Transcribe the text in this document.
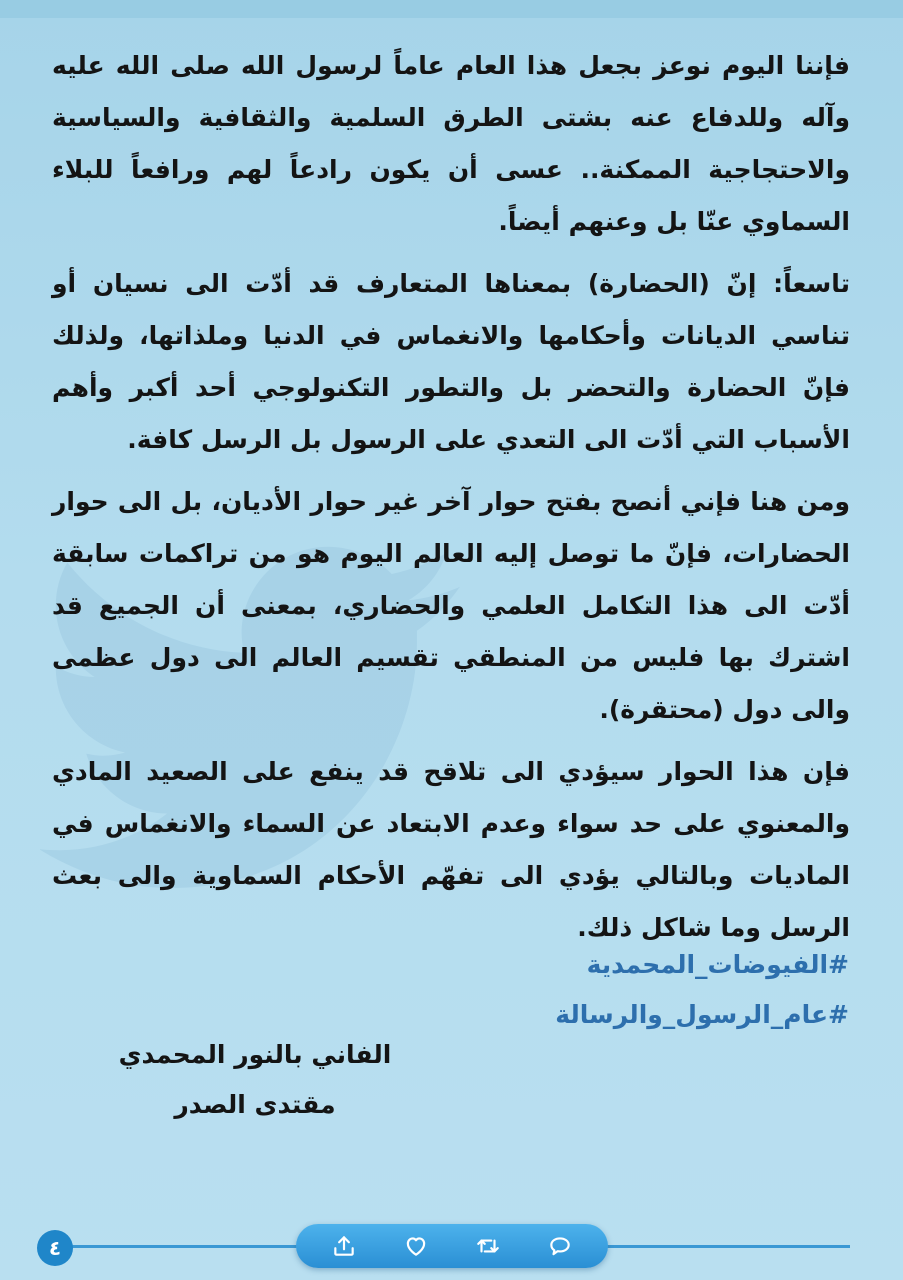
فإننا اليوم نوعز بجعل هذا العام عاماً لرسول الله صلى الله عليه وآله وللدفاع عنه بشتى الطرق السلمية والثقافية والسياسية والاحتجاجية الممكنة.. عسى أن يكون رادعاً لهم ورافعاً للبلاء السماوي عنّا بل وعنهم أيضاً.

تاسعاً: إنّ (الحضارة) بمعناها المتعارف قد أدّت الى نسيان أو تناسي الديانات وأحكامها والانغماس في الدنيا وملذاتها، ولذلك فإنّ الحضارة والتحضر بل والتطور التكنولوجي أحد أكبر وأهم الأسباب التي أدّت الى التعدي على الرسول بل الرسل كافة.

ومن هنا فإني أنصح بفتح حوار آخر غير حوار الأديان، بل الى حوار الحضارات، فإنّ ما توصل إليه العالم اليوم هو من تراكمات سابقة أدّت الى هذا التكامل العلمي والحضاري، بمعنى أن الجميع قد اشترك بها فليس من المنطقي تقسيم العالم الى دول عظمى والى دول (محتقرة).

فإن هذا الحوار سيؤدي الى تلاقح قد ينفع على الصعيد المادي والمعنوي على حد سواء وعدم الابتعاد عن السماء والانغماس في الماديات وبالتالي يؤدي الى تفهّم الأحكام السماوية والى بعث الرسل وما شاكل ذلك.

#الفيوضات_المحمدية
#عام_الرسول_والرسالة
الفاني بالنور المحمدي
مقتدى الصدر
٤
